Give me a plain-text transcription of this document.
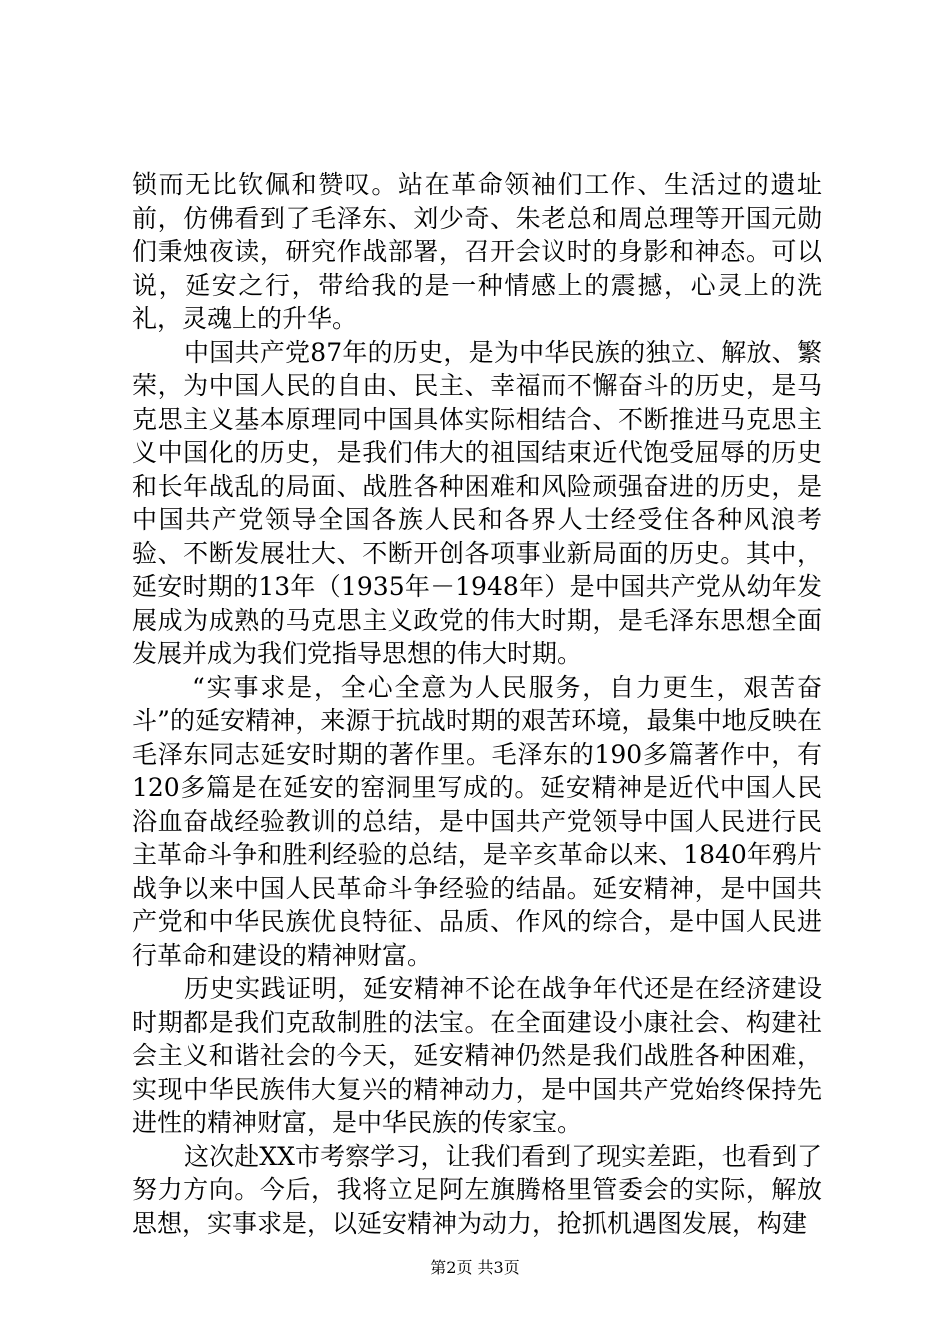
锁而无比钦佩和赞叹。站在革命领袖们工作、生活过的遗址前，仿佛看到了毛泽东、刘少奇、朱老总和周总理等开国元勋们秉烛夜读，研究作战部署，召开会议时的身影和神态。可以说，延安之行，带给我的是一种情感上的震撼，心灵上的洗礼，灵魂上的升华。

中国共产党87年的历史，是为中华民族的独立、解放、繁荣，为中国人民的自由、民主、幸福而不懈奋斗的历史，是马克思主义基本原理同中国具体实际相结合、不断推进马克思主义中国化的历史，是我们伟大的祖国结束近代饱受屈辱的历史和长年战乱的局面、战胜各种困难和风险顽强奋进的历史，是中国共产党领导全国各族人民和各界人士经受住各种风浪考验、不断发展壮大、不断开创各项事业新局面的历史。其中，延安时期的13年（1935年－1948年）是中国共产党从幼年发展成为成熟的马克思主义政党的伟大时期，是毛泽东思想全面发展并成为我们党指导思想的伟大时期。

“实事求是，全心全意为人民服务，自力更生，艰苦奋斗”的延安精神，来源于抗战时期的艰苦环境，最集中地反映在毛泽东同志延安时期的著作里。毛泽东的190多篇著作中，有120多篇是在延安的窑洞里写成的。延安精神是近代中国人民浴血奋战经验教训的总结，是中国共产党领导中国人民进行民主革命斗争和胜利经验的总结，是辛亥革命以来、1840年鸦片战争以来中国人民革命斗争经验的结晶。延安精神，是中国共产党和中华民族优良特征、品质、作风的综合，是中国人民进行革命和建设的精神财富。

历史实践证明，延安精神不论在战争年代还是在经济建设时期都是我们克敌制胜的法宝。在全面建设小康社会、构建社会主义和谐社会的今天，延安精神仍然是我们战胜各种困难，实现中华民族伟大复兴的精神动力，是中国共产党始终保持先进性的精神财富，是中华民族的传家宝。

这次赴XX市考察学习，让我们看到了现实差距，也看到了努力方向。今后，我将立足阿左旗腾格里管委会的实际，解放思想，实事求是，以延安精神为动力，抢抓机遇图发展，构建

第2页 共3页
